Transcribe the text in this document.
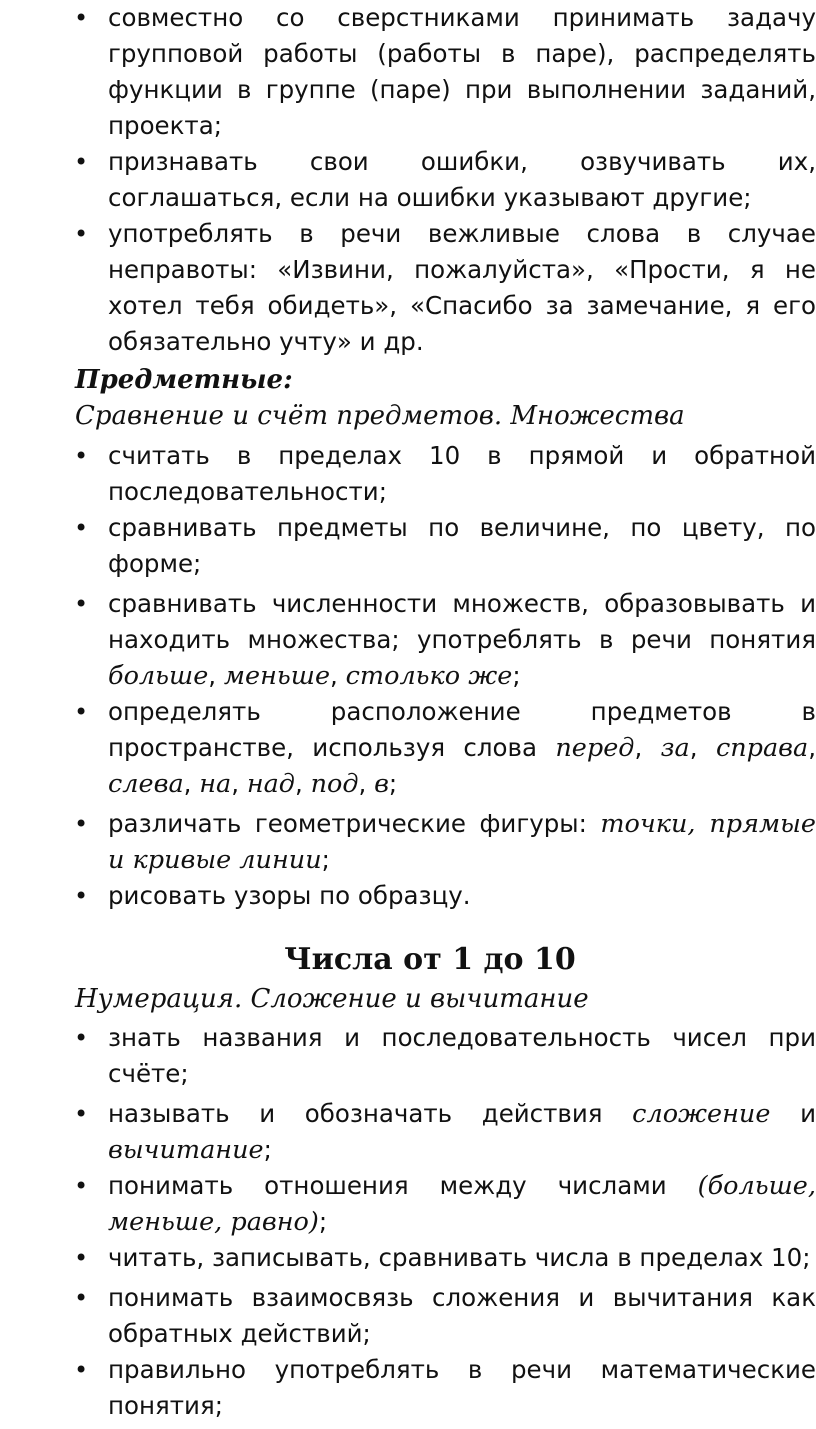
• совместно со сверстниками принимать задачу групповой работы (работы в паре), распределять функции в группе (паре) при выполнении заданий, проекта;
• признавать свои ошибки, озвучивать их, соглашаться, если на ошибки указывают другие;
• употреблять в речи вежливые слова в случае неправоты: «Извини, пожалуйста», «Прости, я не хотел тебя обидеть», «Спасибо за замечание, я его обязательно учту» и др.
Предметные:
Сравнение и счёт предметов. Множества
• считать в пределах 10 в прямой и обратной последовательности;
• сравнивать предметы по величине, по цвету, по форме;
• сравнивать численности множеств, образовывать и находить множества; употреблять в речи понятия больше, меньше, столько же;
• определять расположение предметов в пространстве, используя слова перед, за, справа, слева, на, над, под, в;
• различать геометрические фигуры: точки, прямые и кривые линии;
• рисовать узоры по образцу.
Числа от 1 до 10
Нумерация. Сложение и вычитание
• знать названия и последовательность чисел при счёте;
• называть и обозначать действия сложение и вычитание;
• понимать отношения между числами (больше, меньше, равно);
• читать, записывать, сравнивать числа в пределах 10;
• понимать взаимосвязь сложения и вычитания как обратных действий;
• правильно употреблять в речи математические понятия;
